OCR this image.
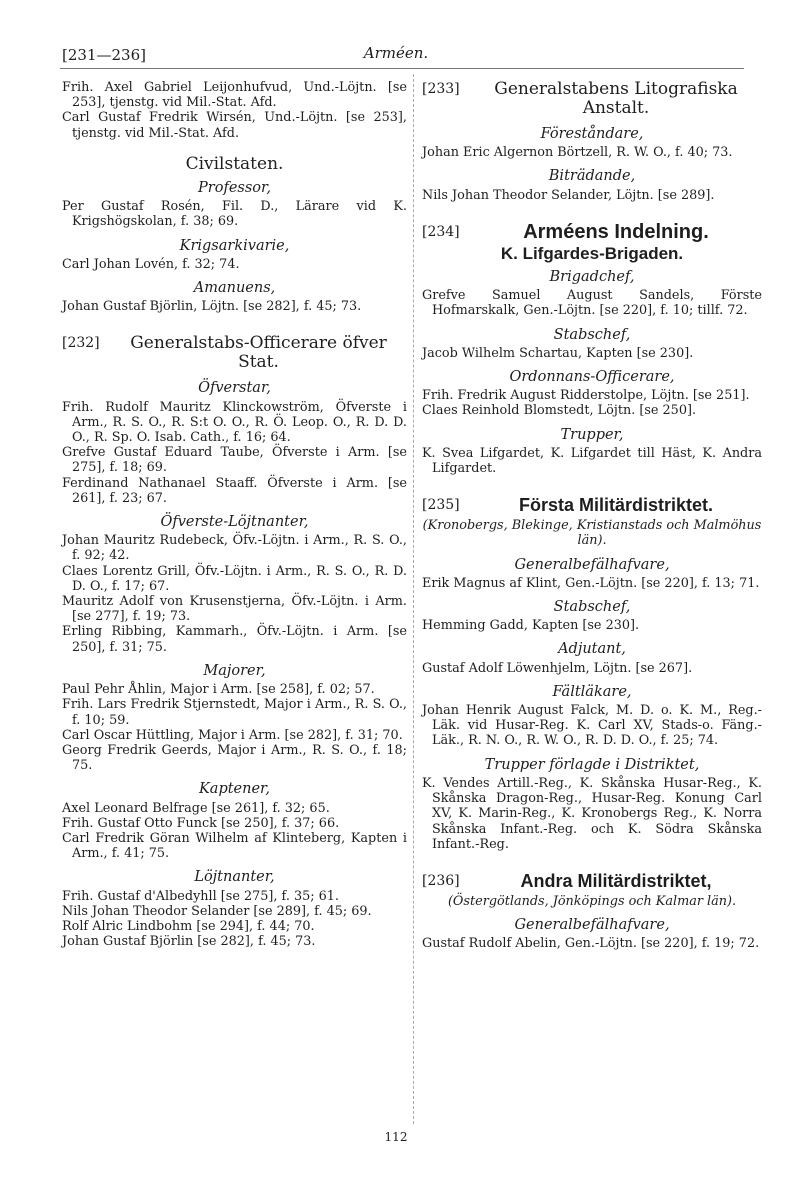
[231—236]	Arméen.

Frih. Axel Gabriel Leijonhufvud, Und.-Löjtn. [se 253], tjenstg. vid Mil.-Stat. Afd.

Carl Gustaf Fredrik Wirsén, Und.-Löjtn. [se 253], tjenstg. vid Mil.-Stat. Afd.

Civilstaten.
Professor,

Per Gustaf Rosén, Fil. D., Lärare vid K. Krigshögskolan, f. 38; 69.

Krigsarkivarie,

Carl Johan Lovén, f. 32; 74.

Amanuens,

Johan Gustaf Björlin, Löjtn. [se 282], f. 45; 73.

[232]	Generalstabs-Officerare öfver Stat.
Öfverstar,

Frih. Rudolf Mauritz Klinckowström, Öfverste i Arm., R. S. O., R. S:t O. O., R. Ö. Leop. O., R. D. D. O., R. Sp. O. Isab. Cath., f. 16; 64.

Grefve Gustaf Eduard Taube, Öfverste i Arm. [se 275], f. 18; 69.

Ferdinand Nathanael Staaff. Öfverste i Arm. [se 261], f. 23; 67.

Öfverste-Löjtnanter,

Johan Mauritz Rudebeck, Öfv.-Löjtn. i Arm., R. S. O., f. 92; 42.

Claes Lorentz Grill, Öfv.-Löjtn. i Arm., R. S. O., R. D. D. O., f. 17; 67.

Mauritz Adolf von Krusenstjerna, Öfv.-Löjtn. i Arm. [se 277], f. 19; 73.

Erling Ribbing, Kammarh., Öfv.-Löjtn. i Arm. [se 250], f. 31; 75.

Majorer,

Paul Pehr Åhlin, Major i Arm. [se 258], f. 02; 57.

Frih. Lars Fredrik Stjernstedt, Major i Arm., R. S. O., f. 10; 59.

Carl Oscar Hüttling, Major i Arm. [se 282], f. 31; 70.

Georg Fredrik Geerds, Major i Arm., R. S. O., f. 18; 75.

Kaptener,

Axel Leonard Belfrage [se 261], f. 32; 65.

Frih. Gustaf Otto Funck [se 250], f. 37; 66.

Carl Fredrik Göran Wilhelm af Klinteberg, Kapten i Arm., f. 41; 75.

Löjtnanter,

Frih. Gustaf d'Albedyhll [se 275], f. 35; 61.

Nils Johan Theodor Selander [se 289], f. 45; 69.

Rolf Alric Lindbohm [se 294], f. 44; 70.

Johan Gustaf Björlin [se 282], f. 45; 73.

[233]	Generalstabens Litografiska Anstalt.
Föreståndare,

Johan Eric Algernon Börtzell, R. W. O., f. 40; 73.

Biträdande,

Nils Johan Theodor Selander, Löjtn. [se 289].

[234]	Arméens Indelning.
K. Lifgardes-Brigaden.
Brigadchef,

Grefve Samuel August Sandels, Förste Hofmarskalk, Gen.-Löjtn. [se 220], f. 10; tillf. 72.

Stabschef,

Jacob Wilhelm Schartau, Kapten [se 230].

Ordonnans-Officerare,

Frih. Fredrik August Ridderstolpe, Löjtn. [se 251].

Claes Reinhold Blomstedt, Löjtn. [se 250].

Trupper,

K. Svea Lifgardet, K. Lifgardet till Häst, K. Andra Lifgardet.

[235]	Första Militärdistriktet.
(Kronobergs, Blekinge, Kristianstads och Malmöhus län).
Generalbefälhafvare,

Erik Magnus af Klint, Gen.-Löjtn. [se 220], f. 13; 71.

Stabschef,

Hemming Gadd, Kapten [se 230].

Adjutant,

Gustaf Adolf Löwenhjelm, Löjtn. [se 267].

Fältläkare,

Johan Henrik August Falck, M. D. o. K. M., Reg.-Läk. vid Husar-Reg. K. Carl XV, Stads-o. Fäng.-Läk., R. N. O., R. W. O., R. D. D. O., f. 25; 74.

Trupper förlagde i Distriktet,

K. Vendes Artill.-Reg., K. Skånska Husar-Reg., K. Skånska Dragon-Reg., Husar-Reg. Konung Carl XV, K. Marin-Reg., K. Kronobergs Reg., K. Norra Skånska Infant.-Reg. och K. Södra Skånska Infant.-Reg.

[236]	Andra Militärdistriktet,
(Östergötlands, Jönköpings och Kalmar län).
Generalbefälhafvare,

Gustaf Rudolf Abelin, Gen.-Löjtn. [se 220], f. 19; 72.

112
